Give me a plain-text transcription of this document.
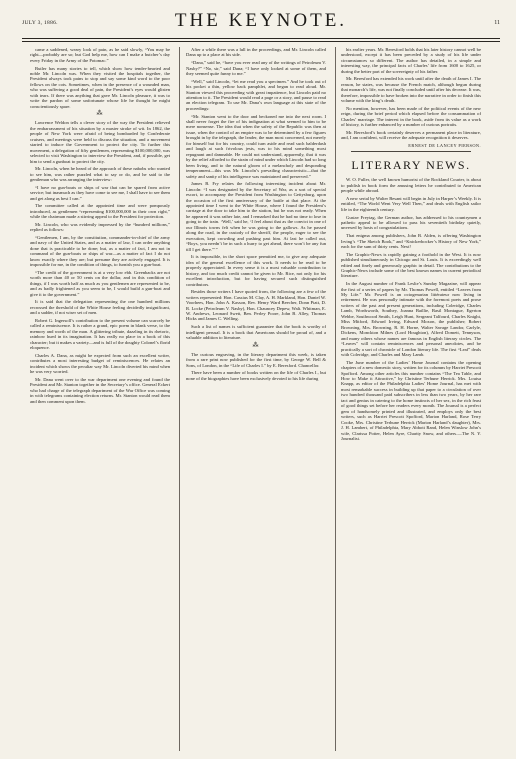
JULY 3, 1886.	THE KEYNOTE.	11

came a saddened, weary look of pain, as he said slowly, “You may be right—probably are so; but God help me, how can I make a butcher’s day every Friday in the Army of the Potomac.”

Butler has many stories to tell, which show how tender-hearted and noble Mr. Lincoln was. When they visited the hospitals together, the President always took pains to stop and say some kind word to the poor fellows on the cots. Sometimes, when in the presence of a wounded man, who was suffering a good deal of pain, the President’s eyes would glisten with tears. If there was anything that gave Mr. Lincoln pleasure, it was to write the pardon of some unfortunate whose life he thought he might conscientiously spare.

⁂

Lawrence Weldon tells a clever story of the way the President relieved the embarrassment of his situation by a master stroke of wit. In 1862, the people of New York were afraid of being bombarded by Confederate cruisers, and meetings were held to discuss the situation, and a movement started to induce the Government to protect the city. To further this movement, a delegation of fifty gentlemen, representing $100,000,000, was selected to visit Washington to interview the President, and, if possible, get him to send a gunboat to protect the city.

Mr. Lincoln, when he heard of the approach of these nabobs who wanted to see him, was rather puzzled what to say or do, and he said to the gentleman who was arranging the interview:

“I have no gun-boats or ships of war that can be spared from active service; but inasmuch as they have come to see me, I shall have to see them and get along as best I can.”

The committee called at the appointed time and were pompously introduced, as gentlemen “representing $100,000,000 in their own right,” while the chairman made a stirring appeal to the President for protection.

Mr. Lincoln, who was evidently impressed by the “hundred millions,” replied as follows:

“Gentlemen, I am, by the constitution, commander-in-chief of the army and navy of the United States, and as a matter of law, I can order anything done that is practicable to be done; but, as a matter of fact, I am not in command of the gun-boats or ships of war—as a matter of fact I do not know exactly where they are; but presume they are actively engaged. It is impossible for me, in the condition of things, to furnish you a gun-boat.

“The credit of the government is at a very low ebb. Greenbacks are not worth more than 40 or 50 cents on the dollar, and in this condition of things, if I was worth half as much as you gentlemen are represented to be, and as badly frightened as you seem to be, I would build a gun-boat and give it to the government.”

It is said that the delegation representing the one hundred millions recrossed the threshold of the White House feeling decidedly insignificant, and a sadder, if not wiser set of men.

Robert G. Ingersoll’s contribution to the present volume can scarcely be called a reminiscence. It is rather a grand, epic poem in blank verse, to the memory and worth of the man. A glittering tribute, dazzling in its rhetoric, rainbow hued in its imagination. It has really no place in a book of this character; but it makes a variety—and is full of the doughty Colonel’s florid eloquence.

Charles A. Dana, as might be expected from such an excellent writer, contributes a most interesting budget of reminiscences. He relates an incident which shows the peculiar way Mr. Lincoln diverted his mind when he was very worried.

Mr. Dana went over to the war department one evening and found the President and Mr. Stanton together in the Secretary’s office. General Eckert who had charge of the telegraph department of the War Office was coming in with telegrams containing election returns. Mr. Stanton would read them and then comment upon them.

After a while there was a lull in the proceedings, and Mr. Lincoln called Dana up to a place at his side.

“Dana,” said he, “have you ever read any of the writings of Petroleum V. Nasby?” “No, sir,” said Dana; “I have only looked at some of them, and they seemed quite funny to me.”

“Well,” said Lincoln, “let me read you a specimen.” And he took out of his pocket a thin, yellow back pamphlet, and began to read aloud. Mr. Stanton viewed this proceeding with great impatience, but Lincoln paid no attention to it. The President would read a page or a story, and pause to read an election telegram. To use Mr. Dana’s own language at this state of the proceedings:

“Mr. Stanton went to the door and beckoned me into the next room. I shall never forget the fire of his indignation at what seemed to him to be mere nonsense. The idea that when the safety of the Republic was then at issue, when the control of an empire was to be determined by a few figures brought in by the telegraph, the leader, the man most concerned, not merely for himself but for his country, could turn aside and read such balderdash and laugh at such frivolous jests, was to his mind something most repugnant and damnable. He could not understand, apparently, that it was by the relief afforded to the strain of mind under which Lincoln had so long been living, and to the natural gloom of a melancholy and desponding temperament—this was Mr. Lincoln’s prevailing characteristic—that the safety and sanity of his intelligence was maintained and preserved.”

James B. Fry relates the following interesting incident about Mr. Lincoln: “I was designated by the Secretary of War, as a sort of special escort, to accompany the President from Washington to Gettysburg, upon the occasion of the first anniversary of the battle at that place. At the appointed time I went to the White House, where I found the President’s carriage at the door to take him to the station, but he was not ready. When he appeared it was rather late, and I remarked that he had no time to lose in going to the train. ‘Well,’ said he, ‘I feel about that as the convict in one of our Illinois towns felt when he was going to the gallows. As he passed along the road, in the custody of the sheriff, the people, eager to see the execution, kept crowding and pushing past him. At last he called out, “Boys, you needn’t be in such a hurry to get ahead, there won’t be any fun till I get there.”’”

It is impossible, in the short space permitted me, to give any adequate idea of the general excellence of this work. It needs to be read to be properly appreciated. In every sense it is a most valuable contribution to history, and too much credit cannot be given to Mr. Rice, not only for his excellent introduction, but for having secured such distinguished contributors.

Besides those writers I have quoted from, the following are a few of the writers represented: Hon. Cassius M. Clay, A. H. Markland, Hon. Daniel W. Voorhees, Hon. John A. Kasson, Rev. Henry Ward Beecher, Donn Piatt, D. R. Locke (Petroleum V. Nasby), Hon. Chauncey Depew, Walt. Whitman, E. W. Andrews, Leonard Swett, Ben. Perley Poore, John B. Alley, Thomas Hicks and James C. Welling.

Such a list of names is sufficient guarantee that the book is worthy of intelligent perusal. It is a book that Americans should be proud of, and a valuable addition to literature.

⁂

The curious engraving, in the literary department this week, is taken from a rare print now published for the first time, by George W. Bell & Sons, of London, in the “Life of Charles I.” by E. Beresford. Chancellor.

There have been a number of books written on the life of Charles I., but none of the biographies have been exclusively devoted to his life during

his earlier years. Mr. Beresford holds that his later history cannot well be understood, except it has been preceded by a study of his life under circumstances so different. The author has detailed, in a simple and interesting way, the principal facts of Charles’ life from 1600 to 1625, or during the better part of the sovereignty of his father.

Mr. Beresford has extended his work until after the death of James I. The reason, he states, was because the French match, although begun during that monarch’s life, was not finally concluded until after his decease. It was, therefore, impossible to have broken into the narrative in order to finish this volume with the king’s death.

No mention, however, has been made of the political events of the new reign, during the brief period which elapsed before the consummation of Charles’ marriage. The interest in the book, aside from its value as a work of history, is further enhanced by a number of curious portraits.

Mr. Beresford’s book certainly deserves a permanent place in literature, and, I am confident, will receive the adequate recognition it deserves.

ERNEST DE LANCEY PIERSON.
LITERARY NEWS.

W. O. Fuller, the well known humorist of the Rockland Courier, is about to publish in book form the amusing letters he contributed to American people while abroad.

A new serial by Walter Besant will begin in July in Harper’s Weekly. It is entitled, “The World Went Very Well Then,” and deals with English sailor life in the eighteenth century.

Gustav Freytag, the German author, has addressed to his countrymen a pathetic appeal to be allowed to pass his seventieth birthday quietly, unvexed by hosts of congratulations.

That enigma among publishers, John B. Alden, is offering Washington Irving’s “The Sketch Book,” and “Knickerbocker’s History of New York,” each for the sum of thirty cents. Next!

The Graphic-News is rapidly gaining a foothold in the West. It is now published simultaneously in Chicago and St. Louis. It is exceedingly well edited and finely and generously graphic in detail. The contributions to the Graphic-News include some of the best known names in current periodical literature.

In the August number of Frank Leslie’s Sunday Magazine, will appear the first of a series of papers by Mr. Thomas Powell, entitled “Leaves from My Life.” Mr. Powell is an octogenarian littérateur now living in retirement. He was personally intimate with the foremost poets and prose writers of the past and present generations, including Coleridge, Charles Lamb, Wordsworth, Southey, Joanna Baillie, Basil Montague, Egerton Webbe, Southwood Smith, Leigh Hunt, Sergeant Talfourd, Charles Knight, Miss Mitford, Edward Irving, Edward Moxon, the publisher; Robert Browning, Mrs. Browning, R. H. Horne, Walter Savage Landor, Carlyle, Dickens, Monckton Milnes (Lord Houghton), Alfred Domett, Tennyson, and many others whose names are famous in English literary circles. The “Leaves” will contain reminiscences and personal anecdotes, and be practically a sort of chronicle of London literary life. The first “Leaf” deals with Coleridge, and Charles and Mary Lamb.

The June number of the Ladies’ Home Journal contains the opening chapters of a new domestic story, written for its columns by Harriet Prescott Spofford. Among other articles this number contains “The Tea Table, and How to Make it Attractive,” by Christine Terhune Herrick. Mrs. Louisa Knapp, as editor of the Philadelphia Ladies’ Home Journal, has met with most remarkable success in building up that paper to a circulation of over two hundred thousand paid subscribers in less than two years, by her rare tact and genius in catering to the home instincts of her sex, in the rich feast of good things set before her readers every month. The Journal is a perfect gem of handsomely printed and illustrated, and employs only the best writers, such as Harriet Prescott Spofford, Marion Harland, Rose Terry Cooke, Mrs. Christine Terhune Herrick (Marion Harland’s daughter), Mrs. J. H. Lambert, of Philadelphia, Mary Abbott Rand, Helen Winslow John’s wife, Clarissa Potter, Helen Ayre, Charity Snow, and others.—The N. Y. Journalist.
